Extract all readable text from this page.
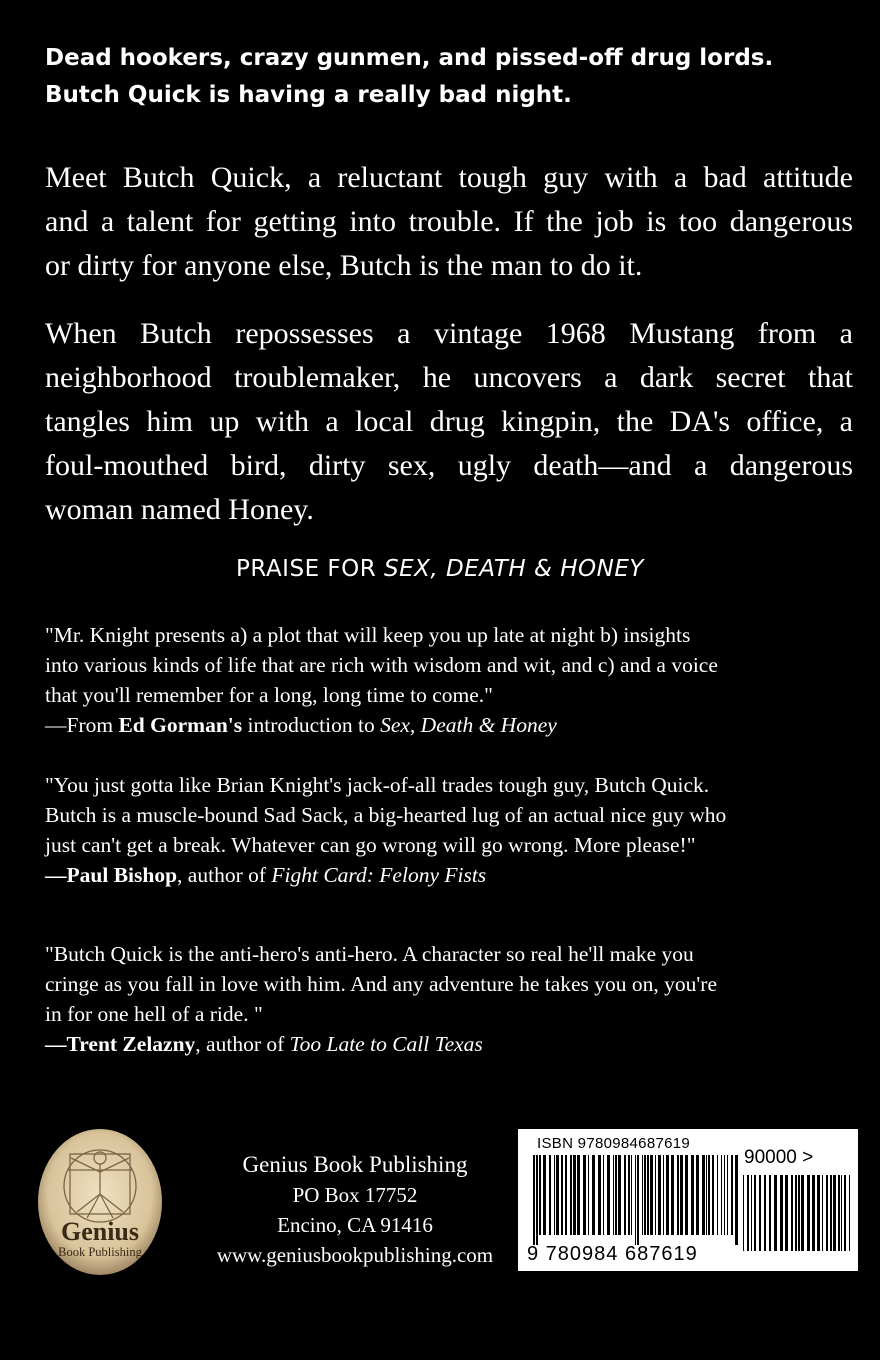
Dead hookers, crazy gunmen, and pissed-off drug lords.
Butch Quick is having a really bad night.
Meet Butch Quick, a reluctant tough guy with a bad attitude
and a talent for getting into trouble. If the job is too dangerous
or dirty for anyone else, Butch is the man to do it.
When Butch repossesses a vintage 1968 Mustang from a
neighborhood troublemaker, he uncovers a dark secret that
tangles him up with a local drug kingpin, the DA's office, a
foul-mouthed bird, dirty sex, ugly death—and a dangerous
woman named Honey.
PRAISE FOR SEX, DEATH & HONEY
"Mr. Knight presents a) a plot that will keep you up late at night b) insights
into various kinds of life that are rich with wisdom and wit, and c) and a voice
that you'll remember for a long, long time to come."
—From Ed Gorman's introduction to Sex, Death & Honey
"You just gotta like Brian Knight's jack-of-all trades tough guy, Butch Quick.
Butch is a muscle-bound Sad Sack, a big-hearted lug of an actual nice guy who
just can't get a break. Whatever can go wrong will go wrong. More please!"
—Paul Bishop, author of Fight Card: Felony Fists
"Butch Quick is the anti-hero's anti-hero. A character so real he'll make you
cringe as you fall in love with him. And any adventure he takes you on, you're
in for one hell of a ride. "
—Trent Zelazny, author of Too Late to Call Texas
Genius
Book Publishing
Genius Book Publishing
PO Box 17752
Encino, CA 91416
www.geniusbookpublishing.com
ISBN 9780984687619
90000 >
9 780984 687619
